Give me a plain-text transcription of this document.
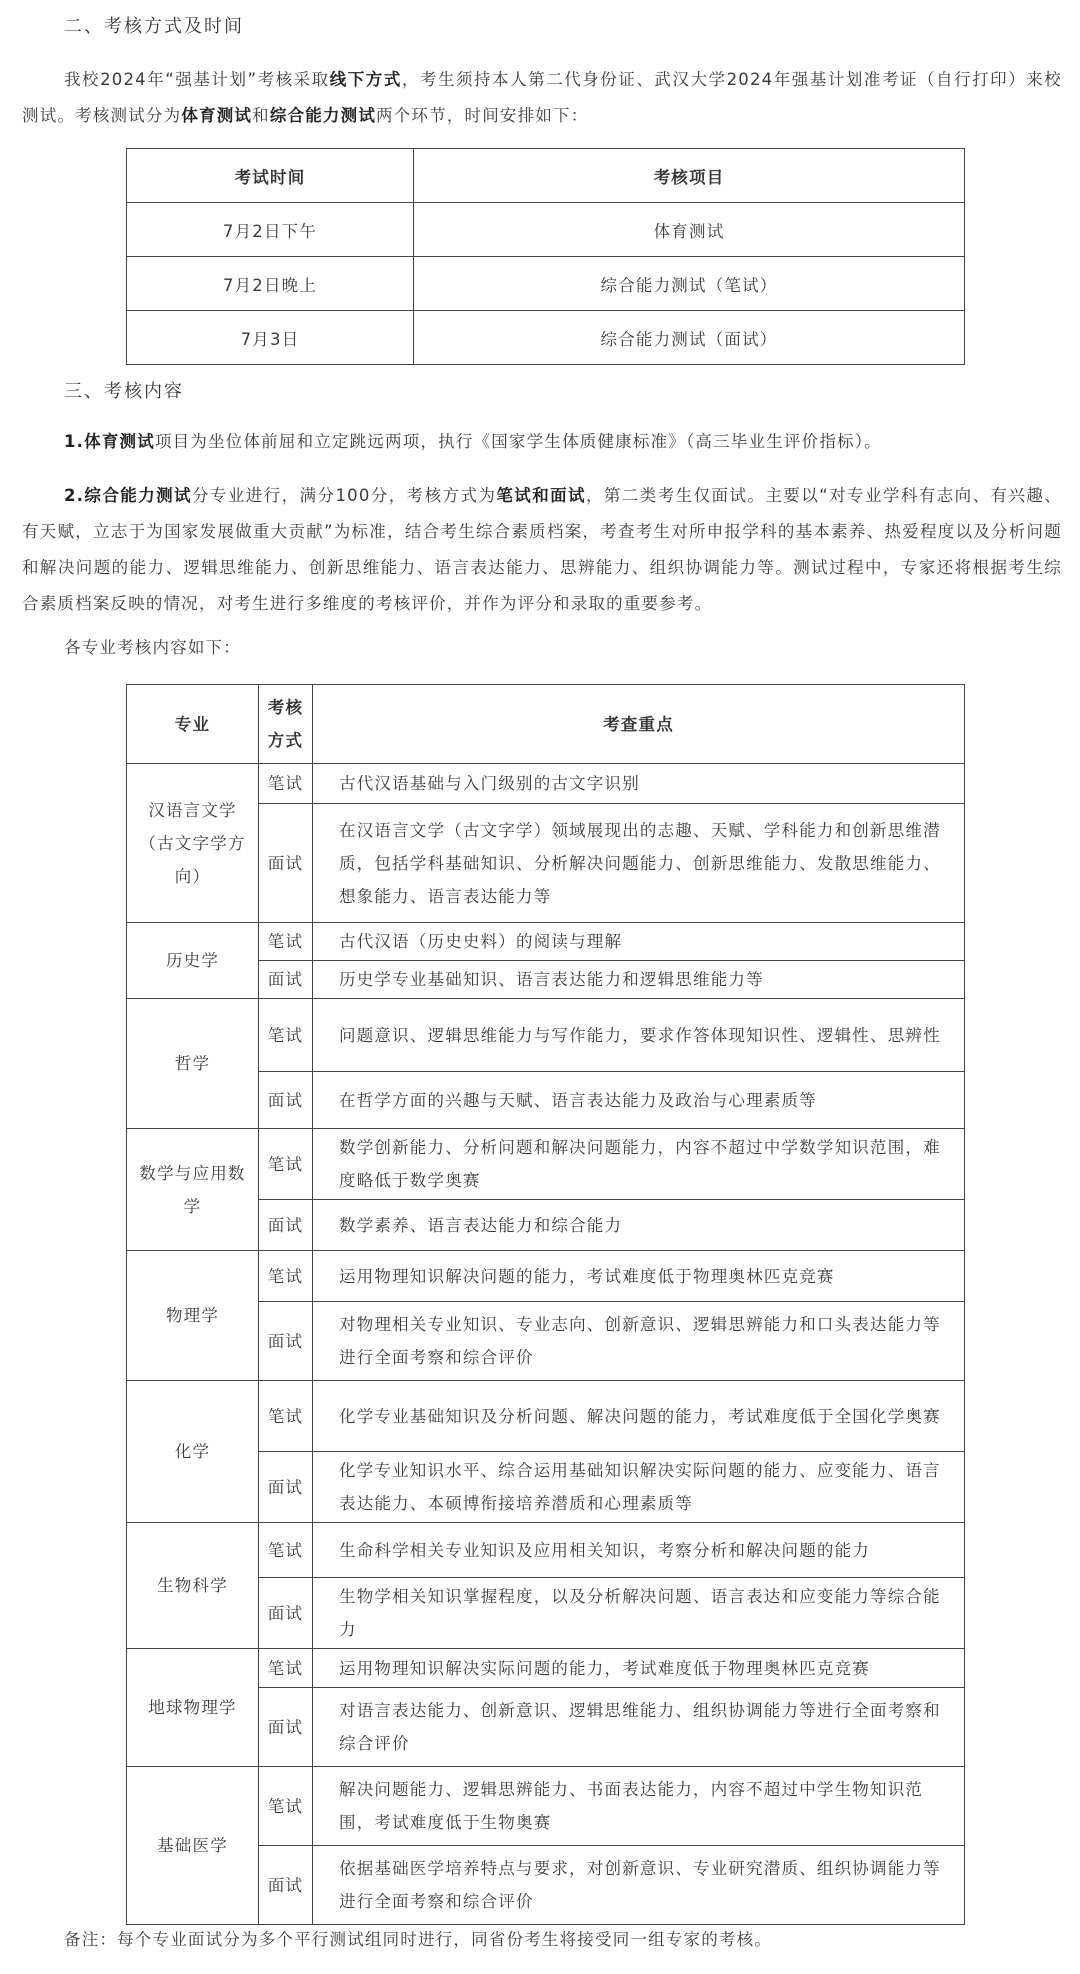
二、考核方式及时间
我校2024年“强基计划”考核采取线下方式，考生须持本人第二代身份证、武汉大学2024年强基计划准考证（自行打印）来校测试。考核测试分为体育测试和综合能力测试两个环节，时间安排如下：
考试时间	考核项目
7月2日下午	体育测试
7月2日晚上	综合能力测试（笔试）
7月3日	综合能力测试（面试）
三、考核内容
1.体育测试项目为坐位体前屈和立定跳远两项，执行《国家学生体质健康标准》（高三毕业生评价指标）。
2.综合能力测试分专业进行，满分100分，考核方式为笔试和面试，第二类考生仅面试。主要以“对专业学科有志向、有兴趣、有天赋，立志于为国家发展做重大贡献”为标准，结合考生综合素质档案，考查考生对所申报学科的基本素养、热爱程度以及分析问题和解决问题的能力、逻辑思维能力、创新思维能力、语言表达能力、思辨能力、组织协调能力等。测试过程中，专家还将根据考生综合素质档案反映的情况，对考生进行多维度的考核评价，并作为评分和录取的重要参考。
各专业考核内容如下：
专业	考核方式	考查重点
汉语言文学（古文字学方向）	笔试	古代汉语基础与入门级别的古文字识别
	面试	在汉语言文学（古文字学）领域展现出的志趣、天赋、学科能力和创新思维潜质，包括学科基础知识、分析解决问题能力、创新思维能力、发散思维能力、想象能力、语言表达能力等
历史学	笔试	古代汉语（历史史料）的阅读与理解
	面试	历史学专业基础知识、语言表达能力和逻辑思维能力等
哲学	笔试	问题意识、逻辑思维能力与写作能力，要求作答体现知识性、逻辑性、思辨性
	面试	在哲学方面的兴趣与天赋、语言表达能力及政治与心理素质等
数学与应用数学	笔试	数学创新能力、分析问题和解决问题能力，内容不超过中学数学知识范围，难度略低于数学奥赛
	面试	数学素养、语言表达能力和综合能力
物理学	笔试	运用物理知识解决问题的能力，考试难度低于物理奥林匹克竞赛
	面试	对物理相关专业知识、专业志向、创新意识、逻辑思辨能力和口头表达能力等进行全面考察和综合评价
化学	笔试	化学专业基础知识及分析问题、解决问题的能力，考试难度低于全国化学奥赛
	面试	化学专业知识水平、综合运用基础知识解决实际问题的能力、应变能力、语言表达能力、本硕博衔接培养潜质和心理素质等
生物科学	笔试	生命科学相关专业知识及应用相关知识，考察分析和解决问题的能力
	面试	生物学相关知识掌握程度，以及分析解决问题、语言表达和应变能力等综合能力
地球物理学	笔试	运用物理知识解决实际问题的能力，考试难度低于物理奥林匹克竞赛
	面试	对语言表达能力、创新意识、逻辑思维能力、组织协调能力等进行全面考察和综合评价
基础医学	笔试	解决问题能力、逻辑思辨能力、书面表达能力，内容不超过中学生物知识范围，考试难度低于生物奥赛
	面试	依据基础医学培养特点与要求，对创新意识、专业研究潜质、组织协调能力等进行全面考察和综合评价
备注：每个专业面试分为多个平行测试组同时进行，同省份考生将接受同一组专家的考核。
